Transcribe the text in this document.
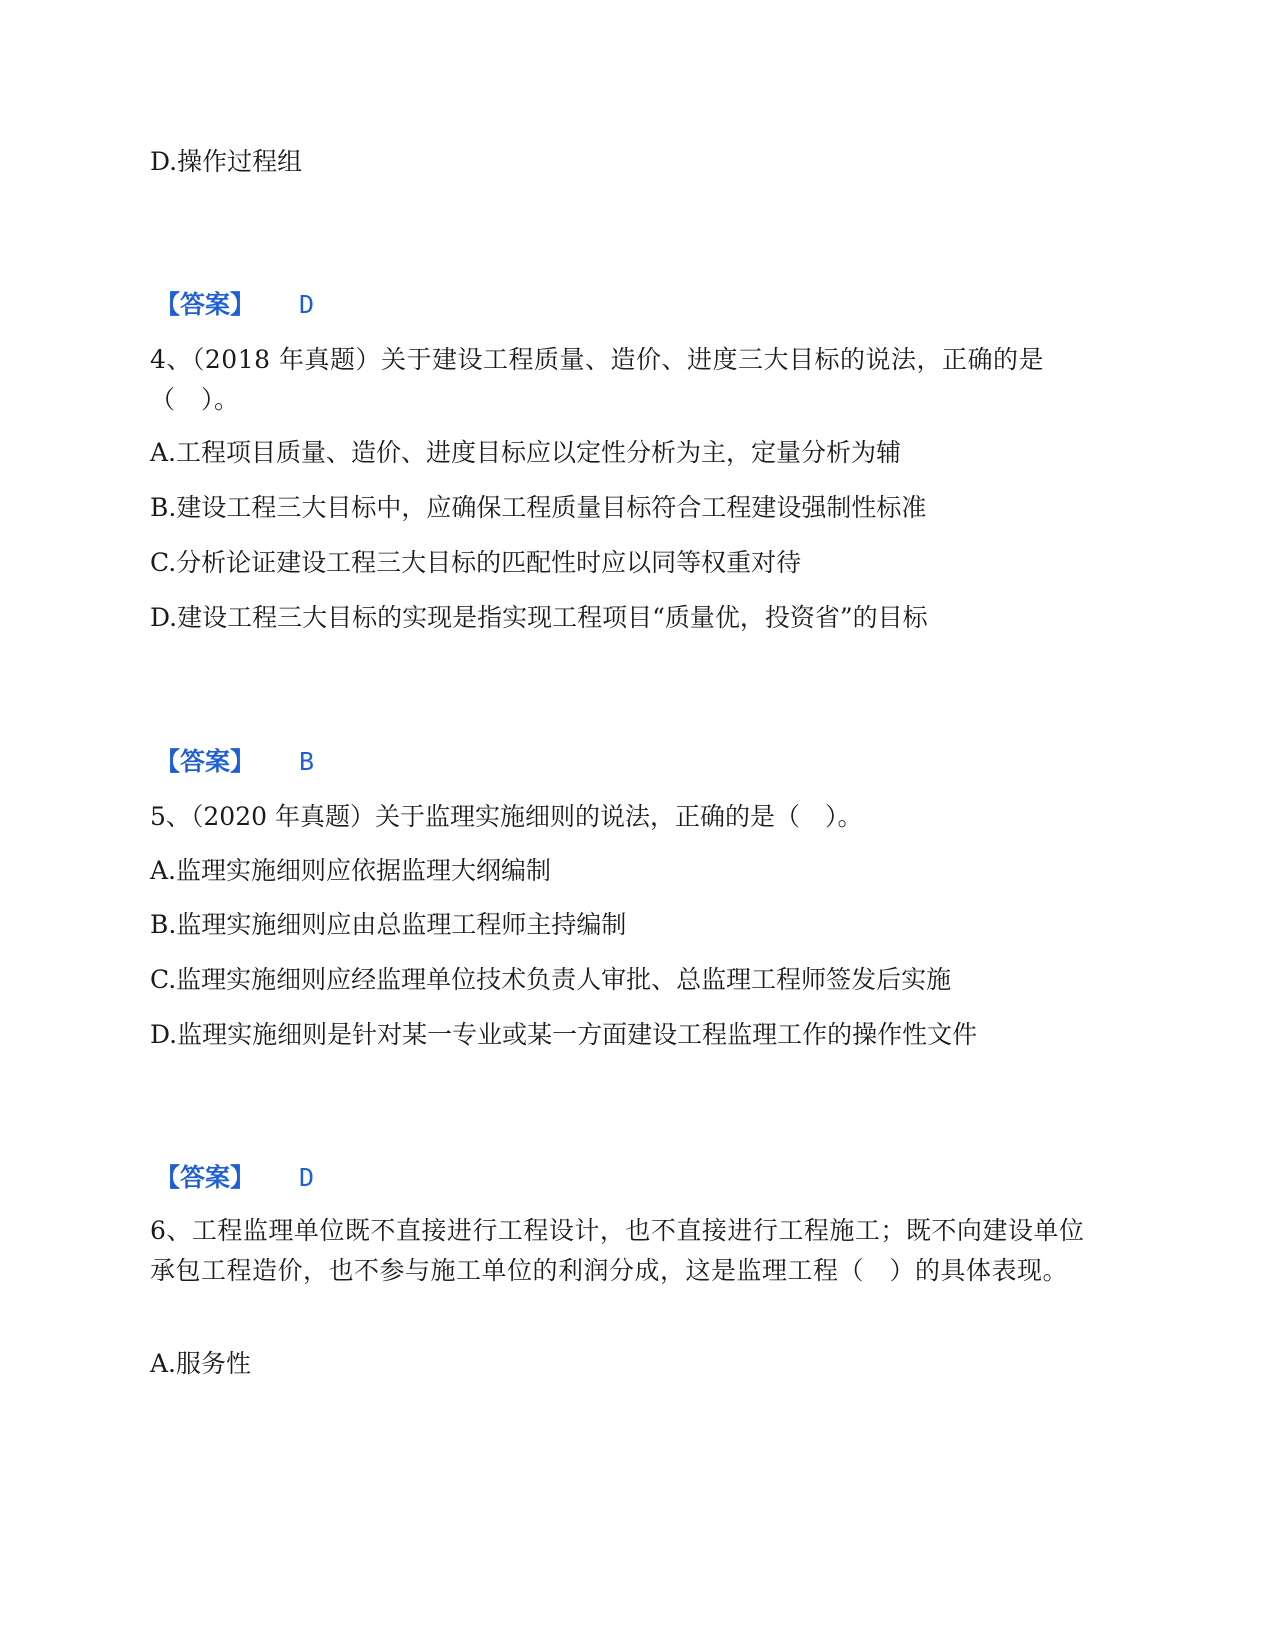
D.操作过程组
【答案】 D
4、（2018 年真题）关于建设工程质量、造价、进度三大目标的说法，正确的是（　）。
A.工程项目质量、造价、进度目标应以定性分析为主，定量分析为辅
B.建设工程三大目标中，应确保工程质量目标符合工程建设强制性标准
C.分析论证建设工程三大目标的匹配性时应以同等权重对待
D.建设工程三大目标的实现是指实现工程项目“质量优，投资省”的目标
【答案】 B
5、（2020 年真题）关于监理实施细则的说法，正确的是（　）。
A.监理实施细则应依据监理大纲编制
B.监理实施细则应由总监理工程师主持编制
C.监理实施细则应经监理单位技术负责人审批、总监理工程师签发后实施
D.监理实施细则是针对某一专业或某一方面建设工程监理工作的操作性文件
【答案】 D
6、工程监理单位既不直接进行工程设计，也不直接进行工程施工；既不向建设单位承包工程造价，也不参与施工单位的利润分成，这是监理工程（　）的具体表现。
A.服务性
